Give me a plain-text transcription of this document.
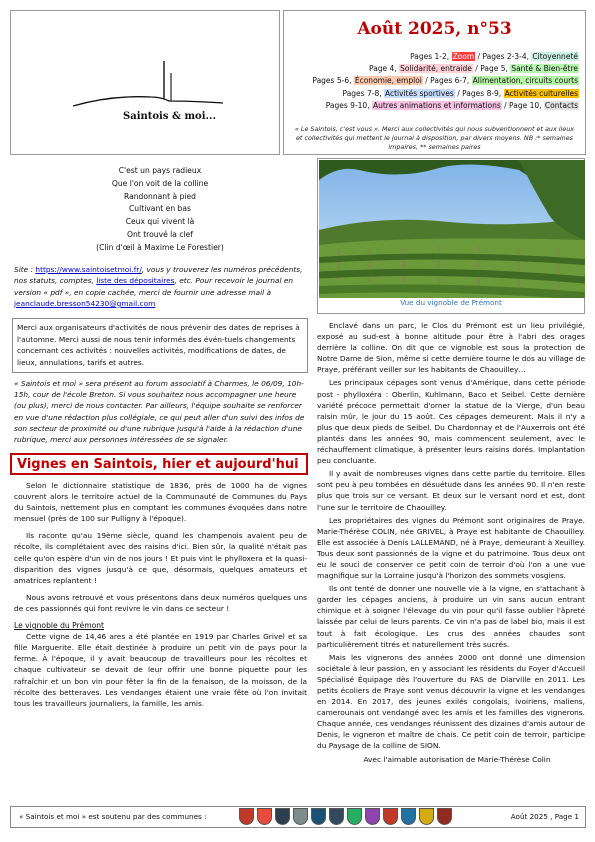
Saintois & moi...
Août 2025, n°53
Pages 1-2, Zoom / Pages 2-3-4, Citoyenneté
Page 4, Solidarité, entraide / Page 5, Santé & Bien-être
Pages 5-6, Économie, emploi / Pages 6-7, Alimentation, circuits courts
Pages 7-8, Activités sportives / Pages 8-9, Activités culturelles
Pages 9-10, Autres animations et informations / Page 10, Contacts
« Le Saintois, c'est vous ». Merci aux collectivités qui nous subventionnent et aux lieux et collectivités qui mettent le journal à disposition, par divers moyens. NB :* semaines impaires, ** semaines paires
C'est un pays radieux
Que l'on voit de la colline
Randonnant à pied
Cultivant en bas
Ceux qui vivent là
Ont trouvé la clef
(Clin d'œil à Maxime Le Forestier)
Site : https://www.saintoisetmoi.fr/, vous y trouverez les numéros précédents, nos statuts, comptes, liste des dépositaires, etc. Pour recevoir le journal en version « pdf », en copie cachée, merci de fournir une adresse mail à jeanclaude.bresson54230@gmail.com	Vue du vignoble de Prémont
Merci aux organisateurs d'activités de nous prévenir des dates de reprises à l'automne. Merci aussi de nous tenir informés des évén-tuels changements concernant ces activités : nouvelles activités, modifications de dates, de lieux, annulations, tarifs et autres.
« Saintois et moi » sera présent au forum associatif à Charmes, le 06/09, 10h-15h, cour de l'école Breton. Si vous souhaitez nous accompagner une heure (ou plus), merci de nous contacter. Par ailleurs, l'équipe souhaite se renforcer en vue d'une rédaction plus collégiale, ce qui peut aller d'un suivi des infos de son secteur de proximité ou d'une rubrique jusqu'à l'aide à la rédaction d'une rubrique, merci aux personnes intéressées de se signaler.
Vignes en Saintois, hier et aujourd'hui

Selon le dictionnaire statistique de 1836, près de 1000 ha de vignes couvrent alors le territoire actuel de la Communauté de Communes du Pays du Saintois, nettement plus en comptant les communes évoquées dans notre mensuel (près de 100 sur Pulligny à l'époque).

Ils raconte qu'au 19ème siècle, quand les champenois avaient peu de récolte, ils complétaient avec des raisins d'ici. Bien sûr, la qualité n'était pas celle qu'on espère d'un vin de nos jours ! Et puis vint le phylloxera et la quasi-disparition des vignes jusqu'à ce que, désormais, quelques amateurs et amatrices replantent !

Nous avons retrouvé et vous présentons dans deux numéros quelques uns de ces passionnés qui font revivre le vin dans ce secteur !

Le vignoble du Prémont

Cette vigne de 14,46 ares a été plantée en 1919 par Charles Grivel et sa fille Marguerite. Elle était destinée à produire un petit vin de pays pour la ferme. À l'époque, il y avait beaucoup de travailleurs pour les récoltes et chaque cultivateur se devait de leur offrir une bonne piquette pour les rafraîchir et un bon vin pour fêter la fin de la fenaison, de la moisson, de la récolte des betteraves. Les vendanges étaient une vraie fête où l'on invitait tous les travailleurs journaliers, la famille, les amis.

Enclavé dans un parc, le Clos du Prémont est un lieu privilégié, exposé au sud-est à bonne altitude pour être à l'abri des orages derrière la colline. On dit que ce vignoble est sous la protection de Notre Dame de Sion, même si cette dernière tourne le dos au village de Praye, préférant veiller sur les habitants de Chaouilley…

Les principaux cépages sont venus d'Amérique, dans cette période post - phylloxéra : Oberlin, Kuhlmann, Baco et Seibel. Cette dernière variété précoce permettait d'orner la statue de la Vierge, d'un beau raisin mûr, le jour du 15 août. Ces cépages demeurent. Mais il n'y a plus que deux pieds de Seibel. Du Chardonnay et de l'Auxerrois ont été plantés dans les années 90, mais commencent seulement, avec le réchauffement climatique, à présenter leurs raisins dorés. Implantation peu concluante.

Il y avait de nombreuses vignes dans cette partie du territoire. Elles sont peu à peu tombées en désuétude dans les années 90. Il n'en reste plus que trois sur ce versant. Et deux sur le versant nord et est, dont l'une sur le territoire de Chaouilley.

Les propriétaires des vignes du Prémont sont originaires de Praye. Marie-Thérèse COLIN, née GRIVEL, à Praye est habitante de Chaouilley. Elle est associée à Denis LALLEMAND, né à Praye, demeurant à Xeuilley. Tous deux sont passionnés de la vigne et du patrimoine. Tous deux ont eu le souci de conserver ce petit coin de terroir d'où l'on a une vue magnifique sur la Lorraine jusqu'à l'horizon des sommets vosgiens.

Ils ont tenté de donner une nouvelle vie à la vigne, en s'attachant à garder les cépages anciens, à produire un vin sans aucun entrant chimique et à soigner l'élevage du vin pour qu'il fasse oublier l'âpreté laissée par celui de leurs parents. Ce vin n'a pas de label bio, mais il est tout à fait écologique. Les crus des années chaudes sont particulièrement titrés et naturellement très sucrés.

Mais les vignerons des années 2000 ont donné une dimension sociétale à leur passion, en y associant les résidents du Foyer d'Accueil Spécialisé Équipage dès l'ouverture du FAS de Diarville en 2011. Les petits écoliers de Praye sont venus découvrir la vigne et les vendanges en 2014. En 2017, des jeunes exilés congolais, ivoiriens, maliens, camerounais ont vendangé avec les amis et les familles des vignerons. Chaque année, ces vendanges réunissent des dizaines d'amis autour de Denis, le vigneron et maître de chais. Ce petit coin de terroir, participe du Paysage de la colline de SION.

Avec l'aimable autorisation de Marie-Thérèse Colin

« Saintois et moi » est soutenu par des communes :	Août 2025 , Page 1
